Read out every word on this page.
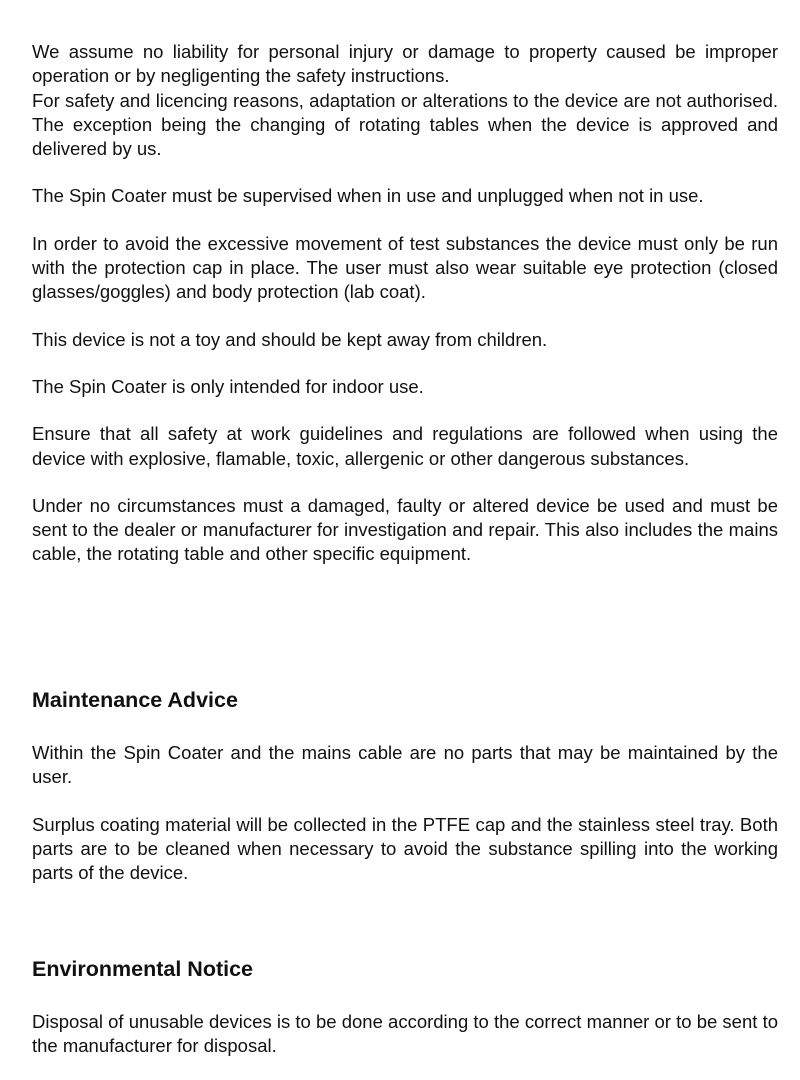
We assume no liability for personal injury or damage to property caused be improper operation or by negligenting the safety instructions.

For safety and licencing reasons, adaptation or alterations to the device are not authorised. The exception being the changing of rotating tables when the device is approved and delivered by us.

The Spin Coater must be supervised when in use and unplugged when not in use.

In order to avoid the excessive movement of test substances the device must only be run with the protection cap in place. The user must also wear suitable eye protection (closed glasses/goggles) and body protection (lab coat).

This device is not a toy and should be kept away from children.

The Spin Coater is only intended for indoor use.

Ensure that all safety at work guidelines and regulations are followed when using the device with explosive, flamable, toxic, allergenic or other dangerous substances.

Under no circumstances must a damaged, faulty or altered device be used and must be sent to the dealer or manufacturer for investigation and repair. This also includes the mains cable, the rotating table and other specific equipment.

Maintenance Advice

Within the Spin Coater and the mains cable are no parts that may be maintained by the user.

Surplus coating material will be collected in the PTFE cap and the stainless steel tray. Both parts are to be cleaned when necessary to avoid the substance spilling into the working parts of the device.

Environmental Notice

Disposal of unusable devices is to be done according to the correct manner or to be sent to the manufacturer for disposal.
